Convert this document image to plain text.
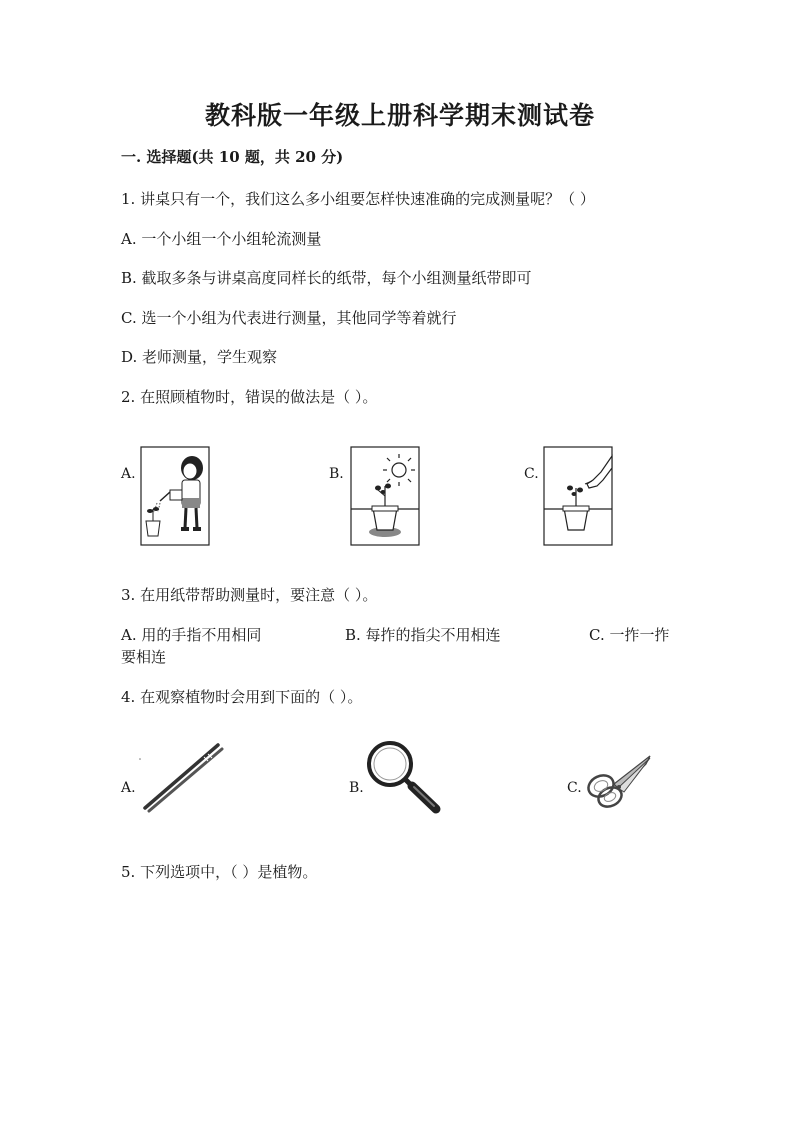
教科版一年级上册科学期末测试卷
一. 选择题(共 10 题，共 20 分)
1. 讲桌只有一个，我们这么多小组要怎样快速准确的完成测量呢？（ ）
A. 一个小组一个小组轮流测量
B. 截取多条与讲桌高度同样长的纸带，每个小组测量纸带即可
C. 选一个小组为代表进行测量，其他同学等着就行
D. 老师测量，学生观察
2. 在照顾植物时，错误的做法是（ ）。
A.	B.	C.
3. 在用纸带帮助测量时，要注意（ ）。
A. 用的手指不用相同	B. 每拃的指尖不用相连	C. 一拃一拃
要相连
4. 在观察植物时会用到下面的（ ）。
A.	B.	C.
5. 下列选项中，（ ）是植物。
